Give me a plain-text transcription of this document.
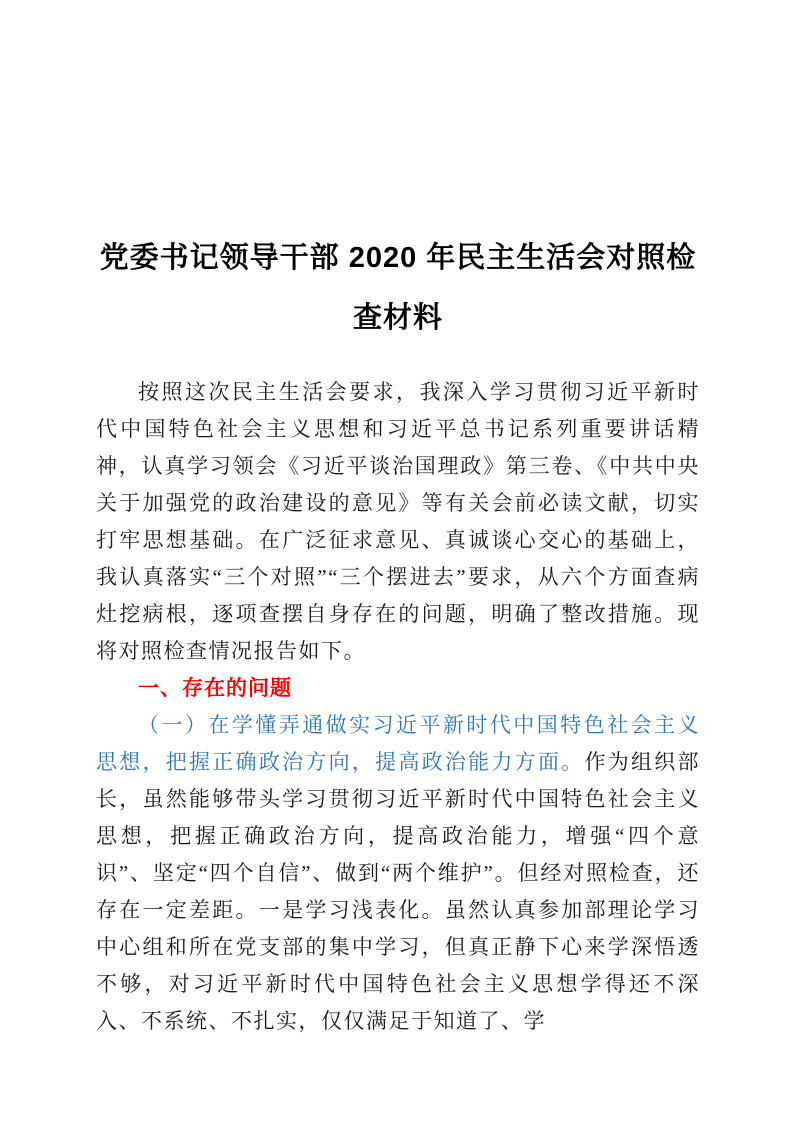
党委书记领导干部 2020 年民主生活会对照检查材料

按照这次民主生活会要求，我深入学习贯彻习近平新时代中国特色社会主义思想和习近平总书记系列重要讲话精神，认真学习领会《习近平谈治国理政》第三卷、《中共中央关于加强党的政治建设的意见》等有关会前必读文献，切实打牢思想基础。在广泛征求意见、真诚谈心交心的基础上，我认真落实“三个对照”“三个摆进去”要求，从六个方面查病灶挖病根，逐项查摆自身存在的问题，明确了整改措施。现将对照检查情况报告如下。

一、存在的问题

（一）在学懂弄通做实习近平新时代中国特色社会主义思想，把握正确政治方向，提高政治能力方面。作为组织部长，虽然能够带头学习贯彻习近平新时代中国特色社会主义思想，把握正确政治方向，提高政治能力，增强“四个意识”、坚定“四个自信”、做到“两个维护”。但经对照检查，还存在一定差距。一是学习浅表化。虽然认真参加部理论学习中心组和所在党支部的集中学习，但真正静下心来学深悟透不够，对习近平新时代中国特色社会主义思想学得还不深入、不系统、不扎实，仅仅满足于知道了、学
